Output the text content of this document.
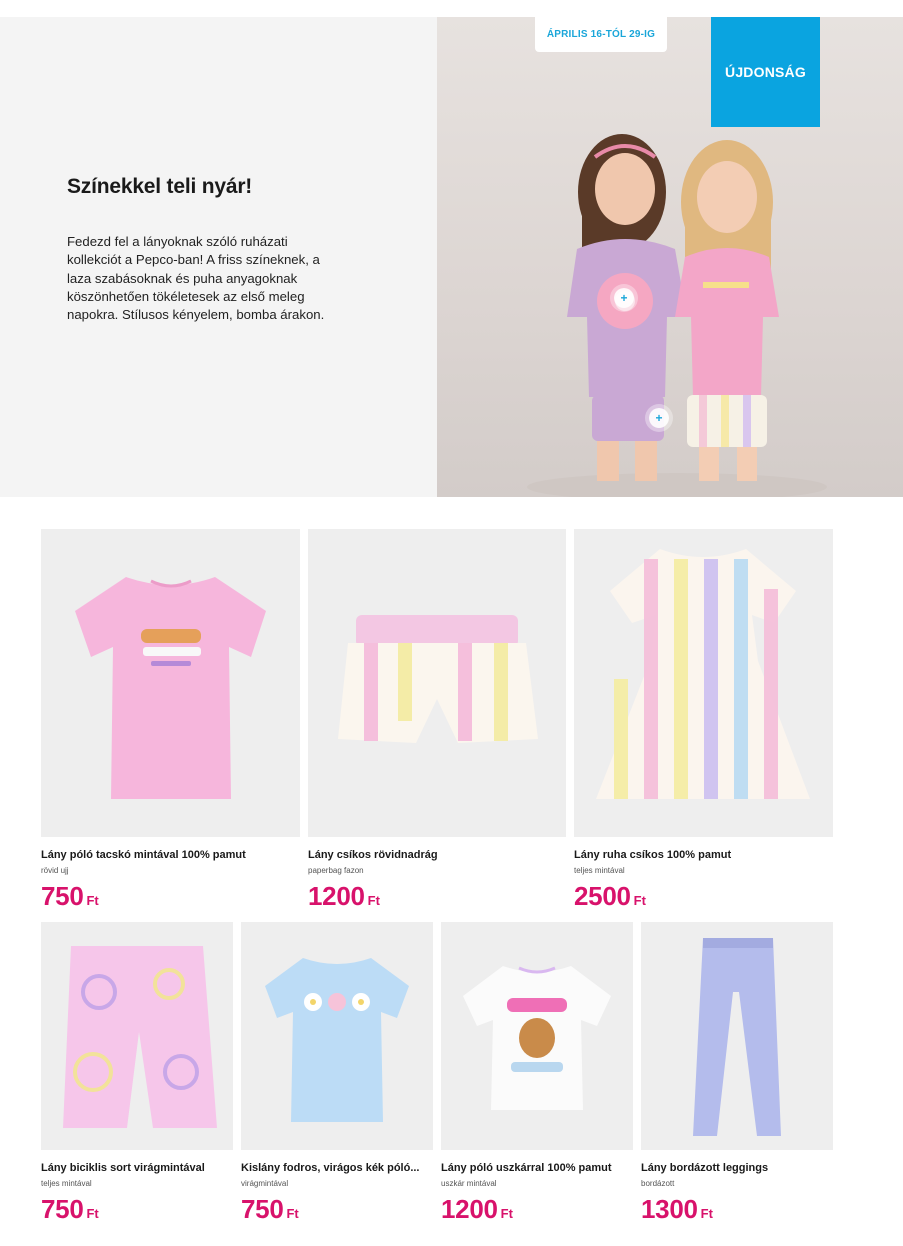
Színekkel teli nyár!

Fedezd fel a lányoknak szóló ruházati kollekciót a Pepco-ban! A friss színeknek, a laza szabásoknak és puha anyagoknak köszönhetően tökéletesek az első meleg napokra. Stílusos kényelem, bomba árakon.

ÁPRILIS 16-TÓL 29-IG
ÚJDONSÁG
+
+
Lány póló tacskó mintával 100% pamut
rövid ujj
750 Ft
Lány csíkos rövidnadrág
paperbag fazon
1200 Ft
Lány ruha csíkos 100% pamut
teljes mintával
2500 Ft
Lány biciklis sort virágmintával
teljes mintával
750 Ft
Kislány fodros, virágos kék póló...
virágmintával
750 Ft
Lány póló uszkárral 100% pamut
uszkár mintával
1200 Ft
Lány bordázott leggings
bordázott
1300 Ft
